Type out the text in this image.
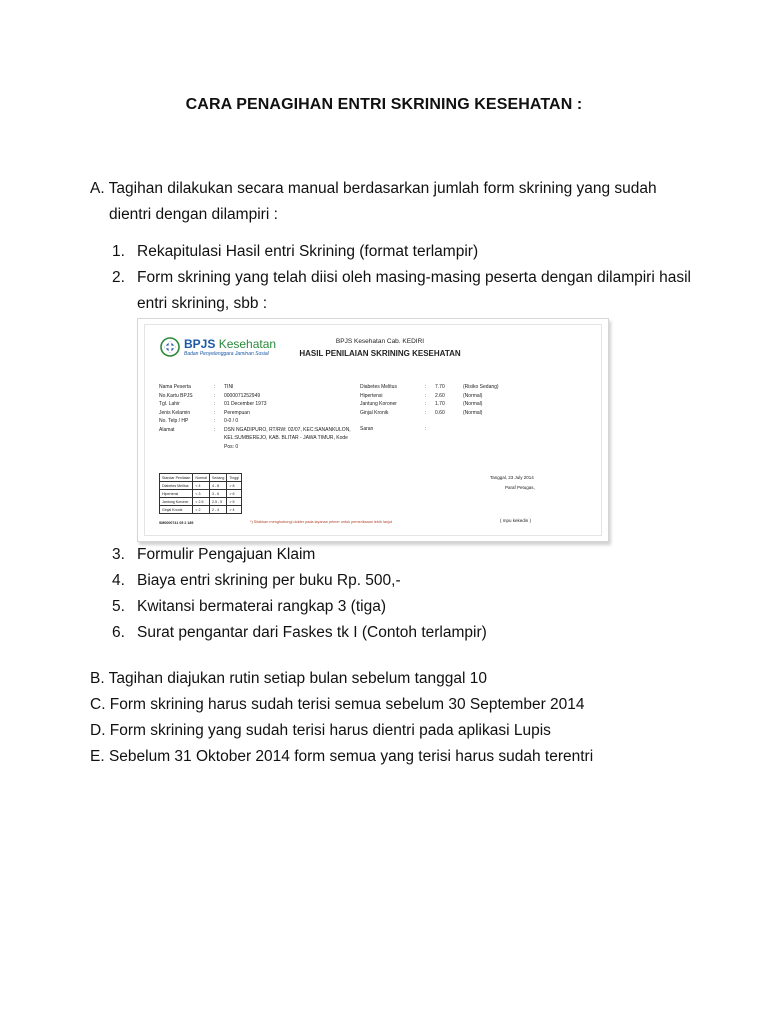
CARA PENAGIHAN ENTRI SKRINING KESEHATAN :
A. Tagihan dilakukan secara manual berdasarkan jumlah form skrining yang sudah
dientri dengan dilampiri :
1. Rekapitulasi Hasil entri Skrining (format terlampir)
2. Form skrining yang telah diisi oleh masing-masing peserta dengan dilampiri hasil entri skrining, sbb :
BPJS Kesehatan
Badan Penyelenggara Jaminan Sosial
BPJS Kesehatan Cab. KEDIRI
HASIL PENILAIAN SKRINING KESEHATAN
Nama Peserta	:	TINI
No.Kartu BPJS	:	0000071252949
Tgl. Lahir	:	01 December 1973
Jenis Kelamin	:	Perempuan
No. Telp / HP	:	0-0 / 0
Alamat	:	DSN NGADIPURO, RT/RW: 02/07, KEC:SANANKULON, KEL:SUMBEREJO, KAB. BLITAR - JAWA TIMUR, Kode Pos: 0
Diabetes Melitus	:	7.70	(Risiko Sedang)
Hipertensi	:	2.60	(Normal)
Jantung Koroner	:	1.70	(Normal)
Ginjal Kronik	:	0.60	(Normal)
Saran	:
Standar Penilaian	Normal	Sedang	Tinggi
Diabetes Melitus	< 4	4 - 8	> 8
Hipertensi	< 3	3 - 6	> 6
Jantung Koroner	< 2.5	2.5 - 5	> 5
Ginjal Kronik	< 2	2 - 4	> 4
Tanggal, 23 July 2014
Paraf Petugas,
SM0000741 05 2 189	*) Silahkan menghubungi dokter pada layanan primer untuk pemeriksaan lebih lanjut	( mpu kekedin )
3. Formulir Pengajuan Klaim
4. Biaya entri skrining per buku Rp. 500,-
5. Kwitansi bermaterai rangkap 3 (tiga)
6. Surat pengantar dari Faskes tk I (Contoh terlampir)
B. Tagihan diajukan rutin setiap bulan sebelum tanggal 10
C. Form skrining harus sudah terisi semua sebelum 30 September 2014
D. Form skrining yang sudah terisi harus dientri pada aplikasi Lupis
E. Sebelum 31 Oktober 2014 form semua yang terisi harus sudah terentri
